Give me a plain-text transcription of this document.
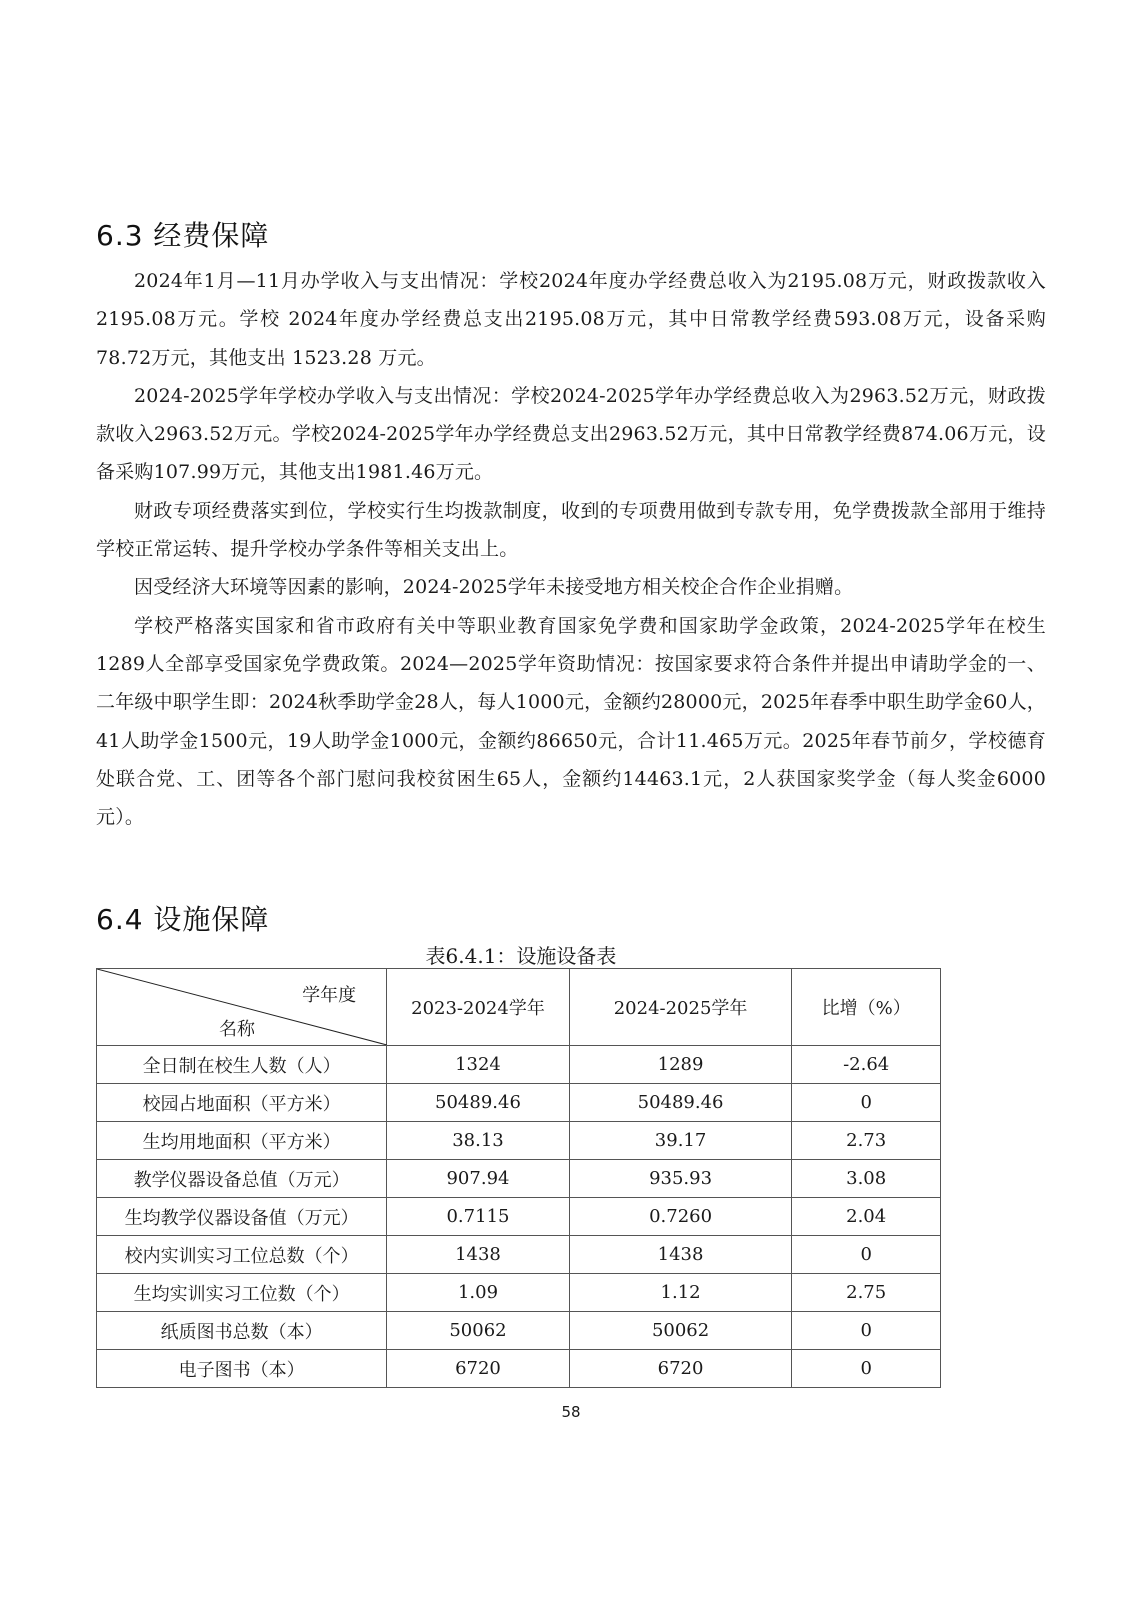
6.3 经费保障

2024年1月—11月办学收入与支出情况：学校2024年度办学经费总收入为2195.08万元，财政拨款收入2195.08万元。学校 2024年度办学经费总支出2195.08万元，其中日常教学经费593.08万元，设备采购78.72万元，其他支出 1523.28 万元。

2024-2025学年学校办学收入与支出情况：学校2024-2025学年办学经费总收入为2963.52万元，财政拨款收入2963.52万元。学校2024-2025学年办学经费总支出2963.52万元，其中日常教学经费874.06万元，设备采购107.99万元，其他支出1981.46万元。

财政专项经费落实到位，学校实行生均拨款制度，收到的专项费用做到专款专用，免学费拨款全部用于维持学校正常运转、提升学校办学条件等相关支出上。

因受经济大环境等因素的影响，2024-2025学年未接受地方相关校企合作企业捐赠。

学校严格落实国家和省市政府有关中等职业教育国家免学费和国家助学金政策，2024-2025学年在校生1289人全部享受国家免学费政策。2024—2025学年资助情况：按国家要求符合条件并提出申请助学金的一、二年级中职学生即：2024秋季助学金28人，每人1000元，金额约28000元，2025年春季中职生助学金60人，41人助学金1500元，19人助学金1000元，金额约86650元，合计11.465万元。2025年春节前夕，学校德育处联合党、工、团等各个部门慰问我校贫困生65人，金额约14463.1元，2人获国家奖学金（每人奖金6000元）。

6.4 设施保障
表6.4.1：设施设备表
学年度
名称	2023-2024学年	2024-2025学年	比增（%）
全日制在校生人数（人）	1324	1289	-2.64
校园占地面积（平方米）	50489.46	50489.46	0
生均用地面积（平方米）	38.13	39.17	2.73
教学仪器设备总值（万元）	907.94	935.93	3.08
生均教学仪器设备值（万元）	0.7115	0.7260	2.04
校内实训实习工位总数（个）	1438	1438	0
生均实训实习工位数（个）	1.09	1.12	2.75
纸质图书总数（本）	50062	50062	0
电子图书（本）	6720	6720	0
58
